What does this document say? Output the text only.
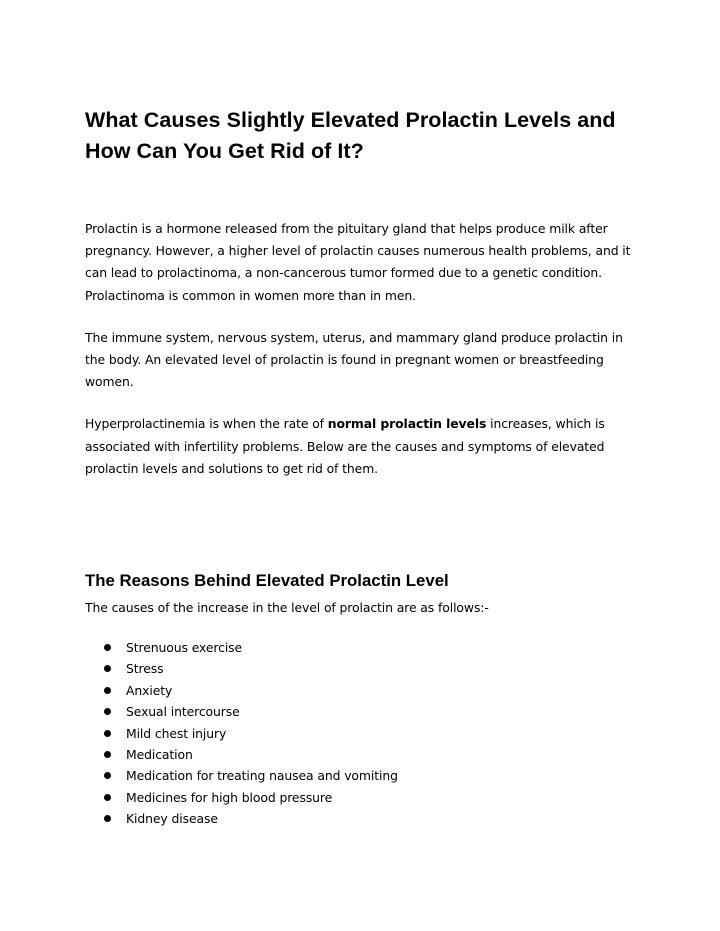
What Causes Slightly Elevated Prolactin Levels and How Can You Get Rid of It?

Prolactin is a hormone released from the pituitary gland that helps produce milk after pregnancy. However, a higher level of prolactin causes numerous health problems, and it can lead to prolactinoma, a non-cancerous tumor formed due to a genetic condition. Prolactinoma is common in women more than in men.

The immune system, nervous system, uterus, and mammary gland produce prolactin in the body. An elevated level of prolactin is found in pregnant women or breastfeeding women.

Hyperprolactinemia is when the rate of normal prolactin levels increases, which is associated with infertility problems. Below are the causes and symptoms of elevated prolactin levels and solutions to get rid of them.

The Reasons Behind Elevated Prolactin Level

The causes of the increase in the level of prolactin are as follows:-

Strenuous exercise
Stress
Anxiety
Sexual intercourse
Mild chest injury
Medication
Medication for treating nausea and vomiting
Medicines for high blood pressure
Kidney disease
